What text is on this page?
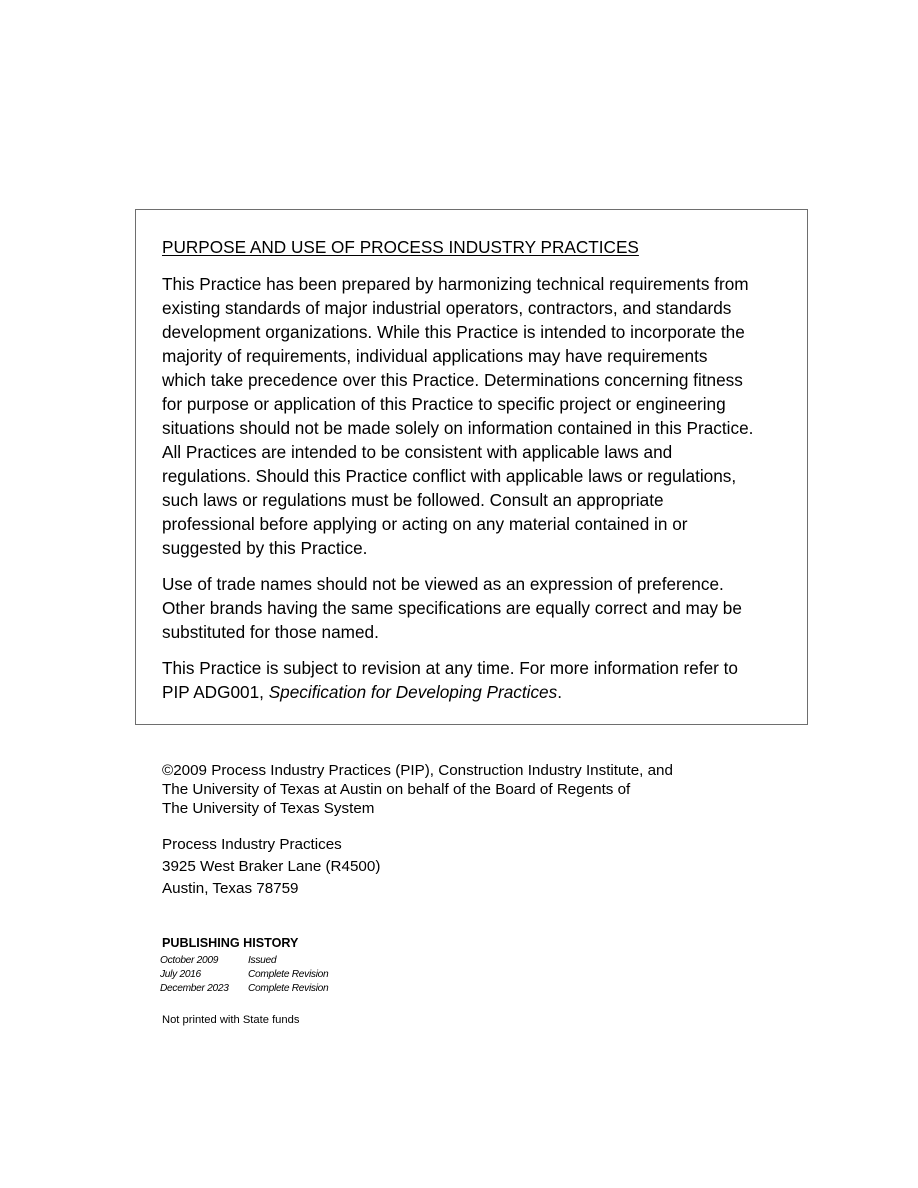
PURPOSE AND USE OF PROCESS INDUSTRY PRACTICES
This Practice has been prepared by harmonizing technical requirements from
existing standards of major industrial operators, contractors, and standards
development organizations. While this Practice is intended to incorporate the
majority of requirements, individual applications may have requirements
which take precedence over this Practice. Determinations concerning fitness
for purpose or application of this Practice to specific project or engineering
situations should not be made solely on information contained in this Practice.
All Practices are intended to be consistent with applicable laws and
regulations. Should this Practice conflict with applicable laws or regulations,
such laws or regulations must be followed. Consult an appropriate
professional before applying or acting on any material contained in or
suggested by this Practice.
Use of trade names should not be viewed as an expression of preference.
Other brands having the same specifications are equally correct and may be
substituted for those named.
This Practice is subject to revision at any time. For more information refer to
PIP ADG001, Specification for Developing Practices.
©2009 Process Industry Practices (PIP), Construction Industry Institute, and
The University of Texas at Austin on behalf of the Board of Regents of
The University of Texas System
Process Industry Practices
3925 West Braker Lane (R4500)
Austin, Texas 78759
PUBLISHING HISTORY
October 2009	Issued
July 2016	Complete Revision
December 2023	Complete Revision
Not printed with State funds
